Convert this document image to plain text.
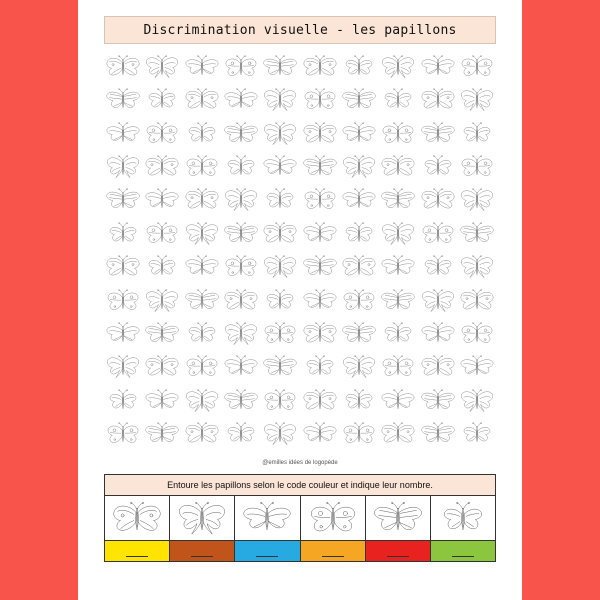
Discrimination visuelle - les papillons
@emilles idées de logopède
Entoure les papillons selon le code couleur et indique leur nombre.
